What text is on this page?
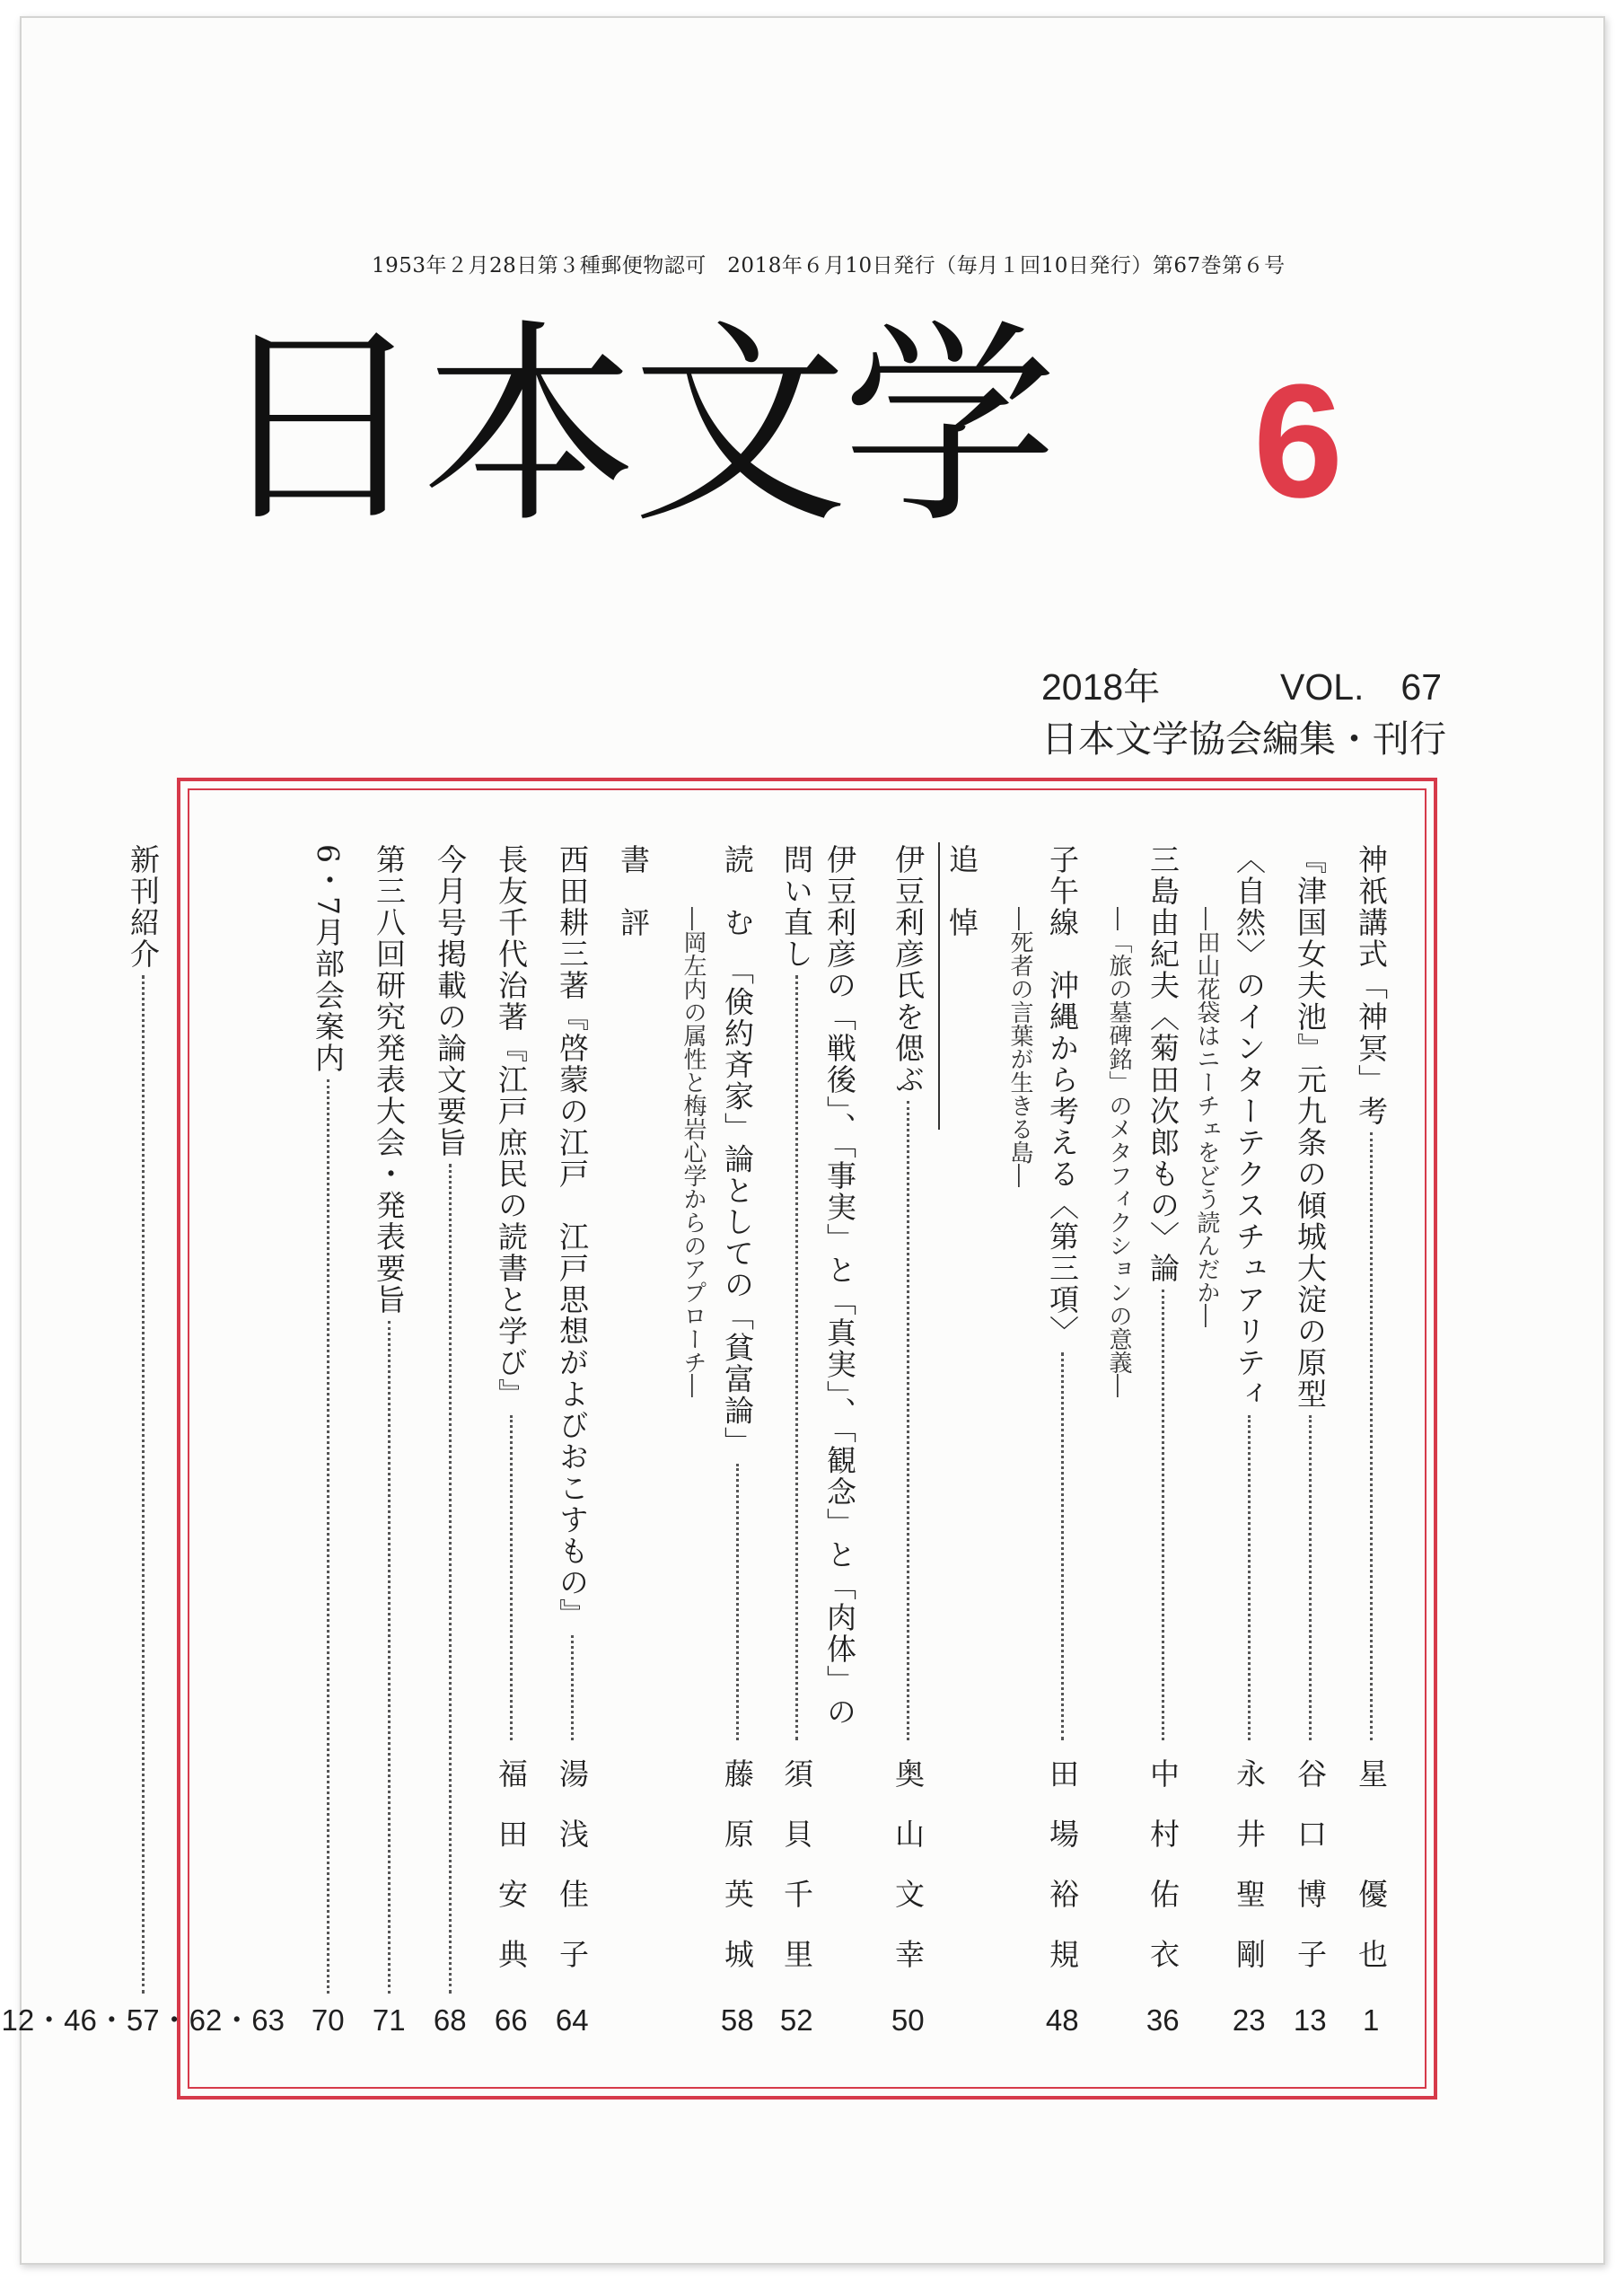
1953年２月28日第３種郵便物認可　2018年６月10日発行（毎月１回10日発行）第67巻第６号
日本文学 6
2018年	VOL.　67
日本文学協会編集・刊行
神祇講式「神冥」考
星　優也
1
『津国女夫池』元九条の傾城大淀の原型
谷口博子
13
〈自然〉のインターテクスチュアリティ
永井聖剛
23
―田山花袋はニーチェをどう読んだか―
三島由紀夫〈菊田次郎もの〉論
中村佑衣
36
―「旅の墓碑銘」のメタフィクションの意義―
子午線　沖縄から考える〈第三項〉
田場裕規
48
―死者の言葉が生きる島―
追　悼
伊豆利彦氏を偲ぶ
奥山文幸
50
伊豆利彦の「戦後」、「事実」と「真実」、「観念」と「肉体」の
問い直し
須貝千里
52
読　む　「倹約斉家」論としての「貧富論」
藤原英城
58
―岡左内の属性と梅岩心学からのアプローチ―
書　評
西田耕三著『啓蒙の江戸　江戸思想がよびおこすもの』
湯浅佳子
64
長友千代治著『江戸庶民の読書と学び』
福田安典
66
今月号掲載の論文要旨
68
第三八回研究発表大会・発表要旨
71
6・7月部会案内
70
新刊紹介
12・46・57・62・63
